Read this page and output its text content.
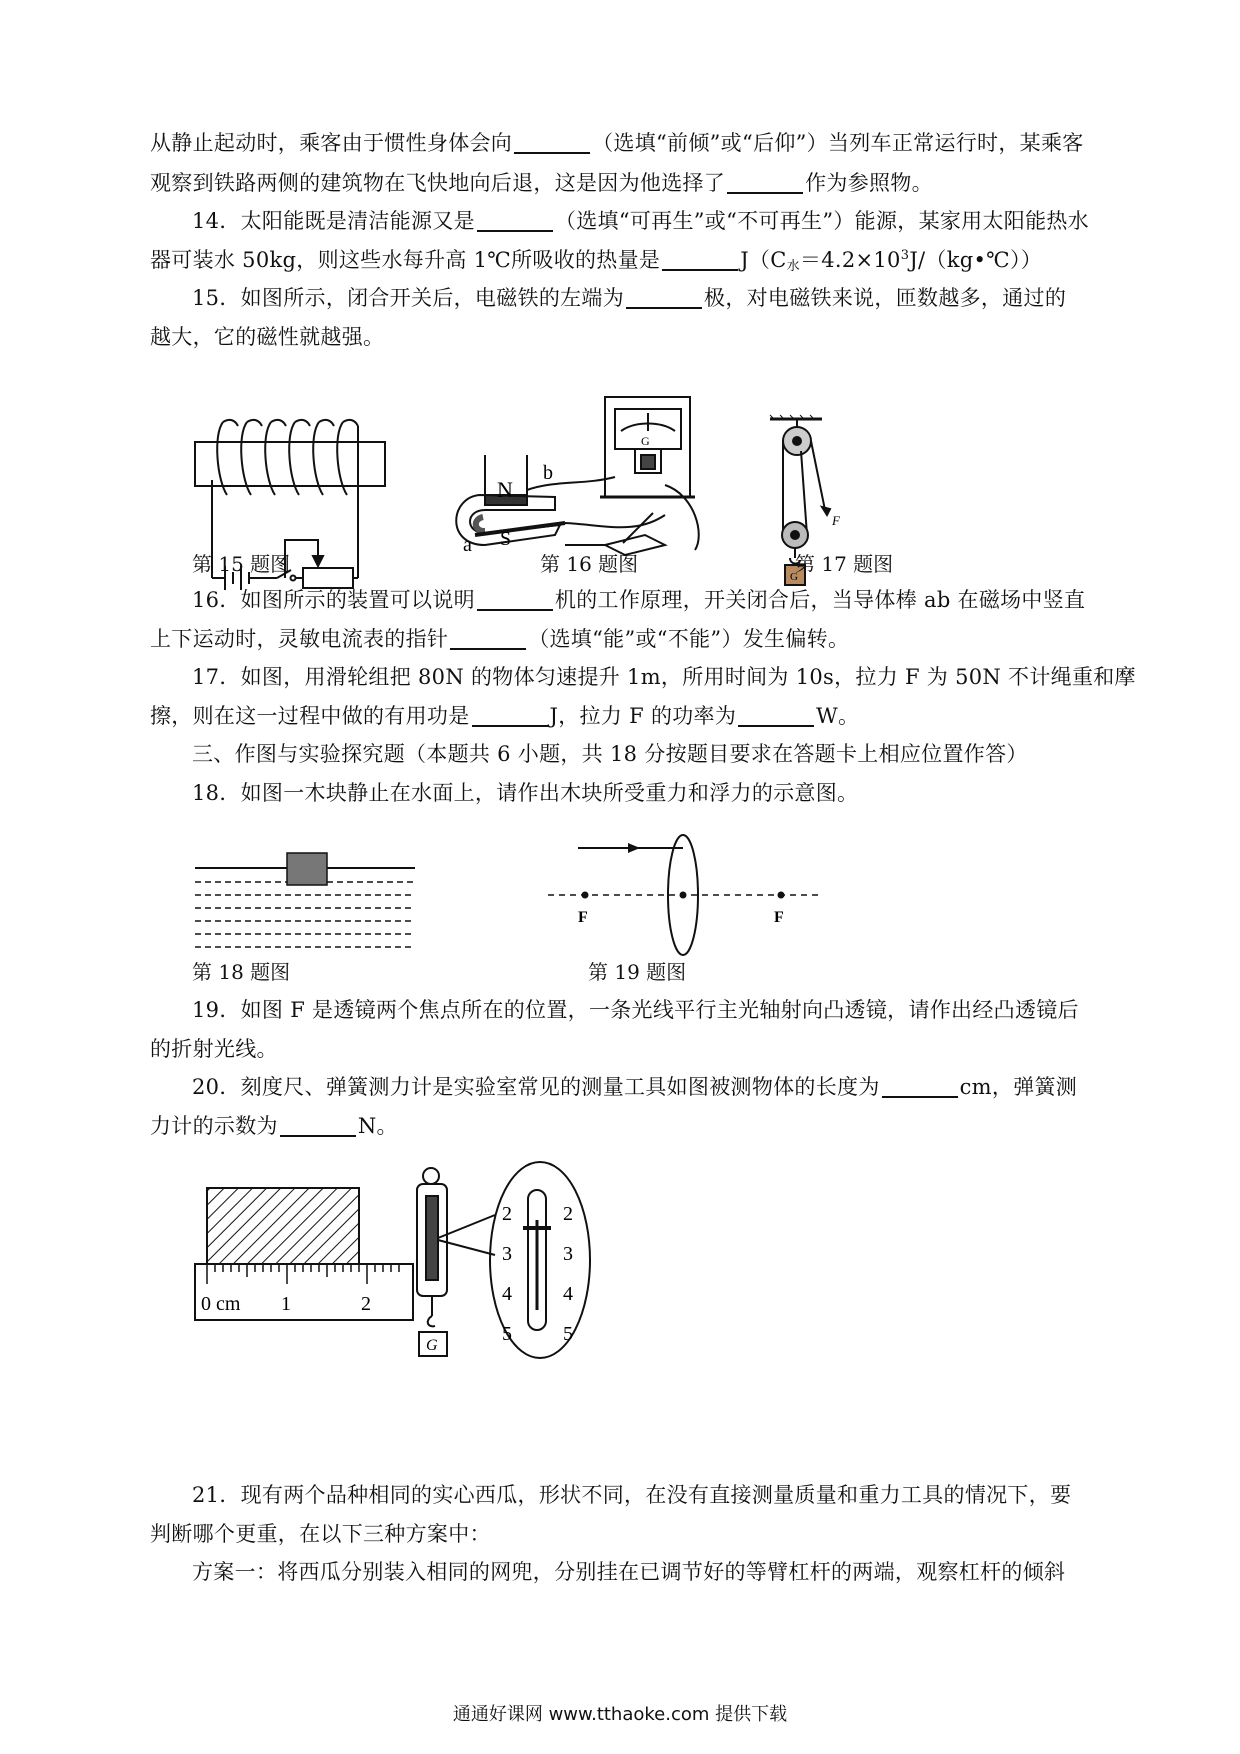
从静止起动时，乘客由于惯性身体会向	（选填“前倾”或“后仰”）当列车正常运行时，某乘客
观察到铁路两侧的建筑物在飞快地向后退，这是因为他选择了	作为参照物。
14．太阳能既是清洁能源又是	（选填“可再生”或“不可再生”）能源，某家用太阳能热水
器可装水 50kg，则这些水每升高 1℃所吸收的热量是	$J(C_水=4.2\times 10^3J/(kg•℃))$
15．如图所示，闭合开关后，电磁铁的左端为	极，对电磁铁来说，匝数越多，通过的
越大，它的磁性就越强。
第 15 题图
N
S
a
b
G
第 16 题图
F
G
第 17 题图
16．如图所示的装置可以说明	机的工作原理，开关闭合后，当导体棒 ab 在磁场中竖直
上下运动时，灵敏电流表的指针	（选填“能”或“不能”）发生偏转。
17．如图，用滑轮组把 80N 的物体匀速提升 1m，所用时间为 10s，拉力 F 为 50N 不计绳重和摩
擦，则在这一过程中做的有用功是	J，拉力 F 的功率为	W。
三、作图与实验探究题（本题共 6 小题，共 18 分按题目要求在答题卡上相应位置作答）
18．如图一木块静止在水面上，请作出木块所受重力和浮力的示意图。
第 18 题图
F	F
第 19 题图
19．如图 F 是透镜两个焦点所在的位置，一条光线平行主光轴射向凸透镜，请作出经凸透镜后
的折射光线。
20．刻度尺、弹簧测力计是实验室常见的测量工具如图被测物体的长度为	cm，弹簧测
力计的示数为	N。
0 cm 1	2
G
2
3
4
5
2
3
4
5
21．现有两个品种相同的实心西瓜，形状不同，在没有直接测量质量和重力工具的情况下，要
判断哪个更重，在以下三种方案中：
方案一：将西瓜分别装入相同的网兜，分别挂在已调节好的等臂杠杆的两端，观察杠杆的倾斜
通通好课网 www.tthaoke.com 提供下载
